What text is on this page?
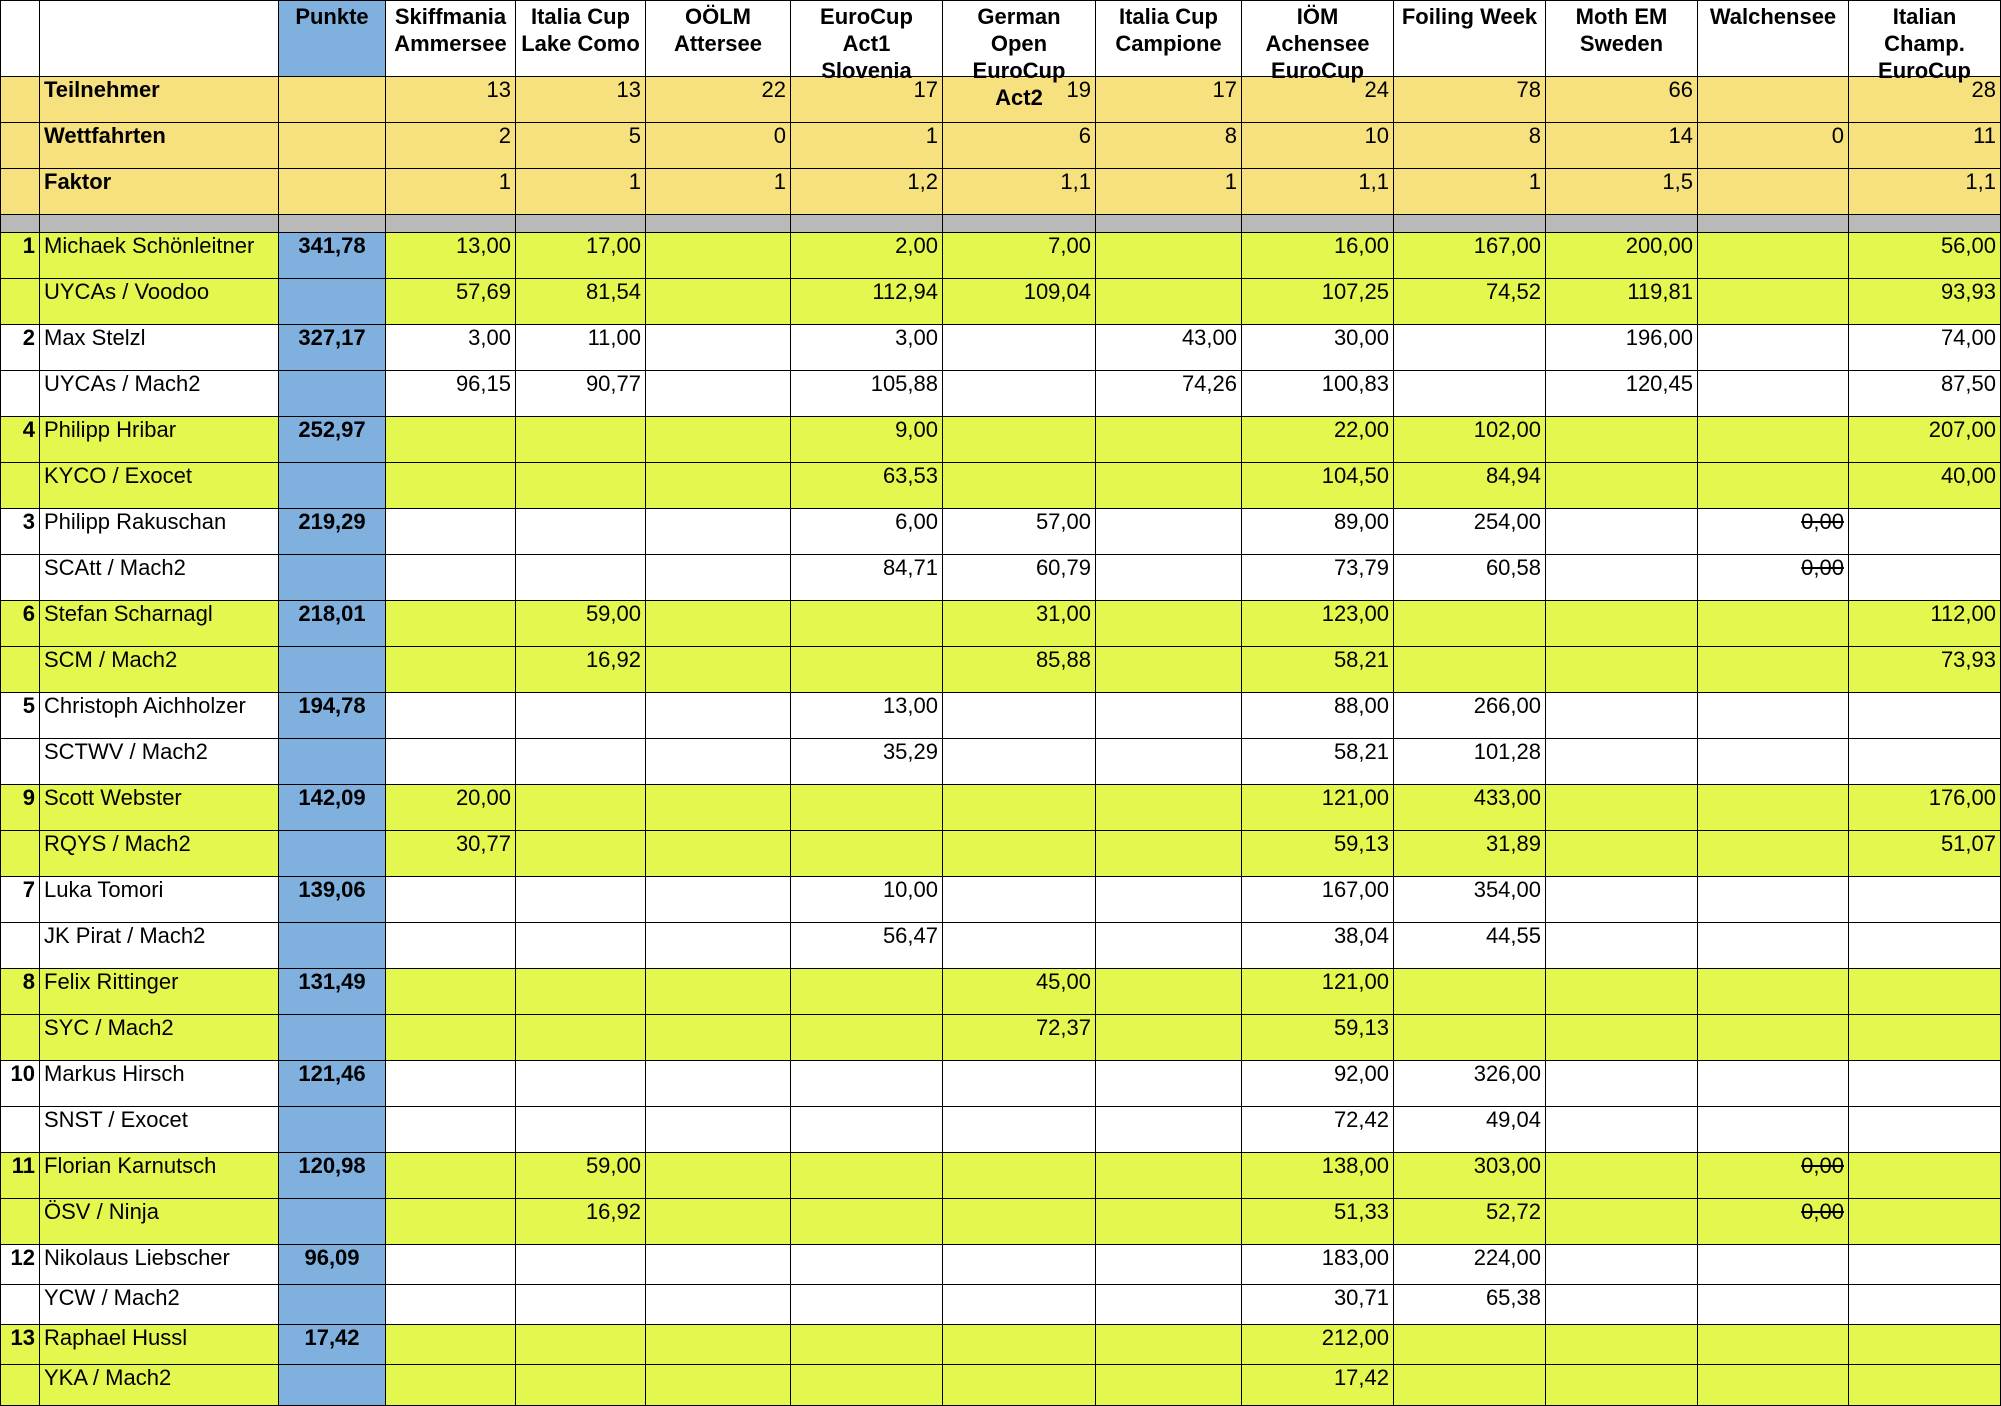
		Punkte	Skiffmania Ammersee	Italia Cup Lake Como	OÖLM Attersee	EuroCup Act1 Slovenia	German Open EuroCup Act2	Italia Cup Campione	IÖM Achensee EuroCup	Foiling Week	Moth EM Sweden	Walchensee	Italian Champ. EuroCup

	Teilnehmer		13	13	22	17	19	17	24	78	66		28
	Wettfahrten		2	5	0	1	6	8	10	8	14	0	11
	Faktor		1	1	1	1,2	1,1	1	1,1	1	1,5		1,1

1	Michaek Schönleitner	341,78	13,00	17,00		2,00	7,00		16,00	167,00	200,00		56,00
	UYCAs / Voodoo		57,69	81,54		112,94	109,04		107,25	74,52	119,81		93,93
2	Max Stelzl	327,17	3,00	11,00		3,00		43,00	30,00		196,00		74,00
	UYCAs / Mach2		96,15	90,77		105,88		74,26	100,83		120,45		87,50
4	Philipp Hribar	252,97				9,00			22,00	102,00			207,00
	KYCO / Exocet					63,53			104,50	84,94			40,00
3	Philipp Rakuschan	219,29				6,00	57,00		89,00	254,00		0,00	
	SCAtt / Mach2					84,71	60,79		73,79	60,58		0,00	
6	Stefan Scharnagl	218,01		59,00			31,00		123,00				112,00
	SCM / Mach2			16,92			85,88		58,21				73,93
5	Christoph Aichholzer	194,78				13,00			88,00	266,00			
	SCTWV / Mach2					35,29			58,21	101,28			
9	Scott Webster	142,09	20,00						121,00	433,00			176,00
	RQYS / Mach2		30,77						59,13	31,89			51,07
7	Luka Tomori	139,06				10,00			167,00	354,00			
	JK Pirat / Mach2					56,47			38,04	44,55			
8	Felix Rittinger	131,49					45,00		121,00				
	SYC / Mach2						72,37		59,13				
10	Markus Hirsch	121,46							92,00	326,00			
	SNST / Exocet								72,42	49,04			
11	Florian Karnutsch	120,98		59,00					138,00	303,00		0,00	
	ÖSV / Ninja			16,92					51,33	52,72		0,00	
12	Nikolaus Liebscher	96,09							183,00	224,00			
	YCW / Mach2								30,71	65,38			
13	Raphael Hussl	17,42							212,00				
	YKA / Mach2								17,42				
